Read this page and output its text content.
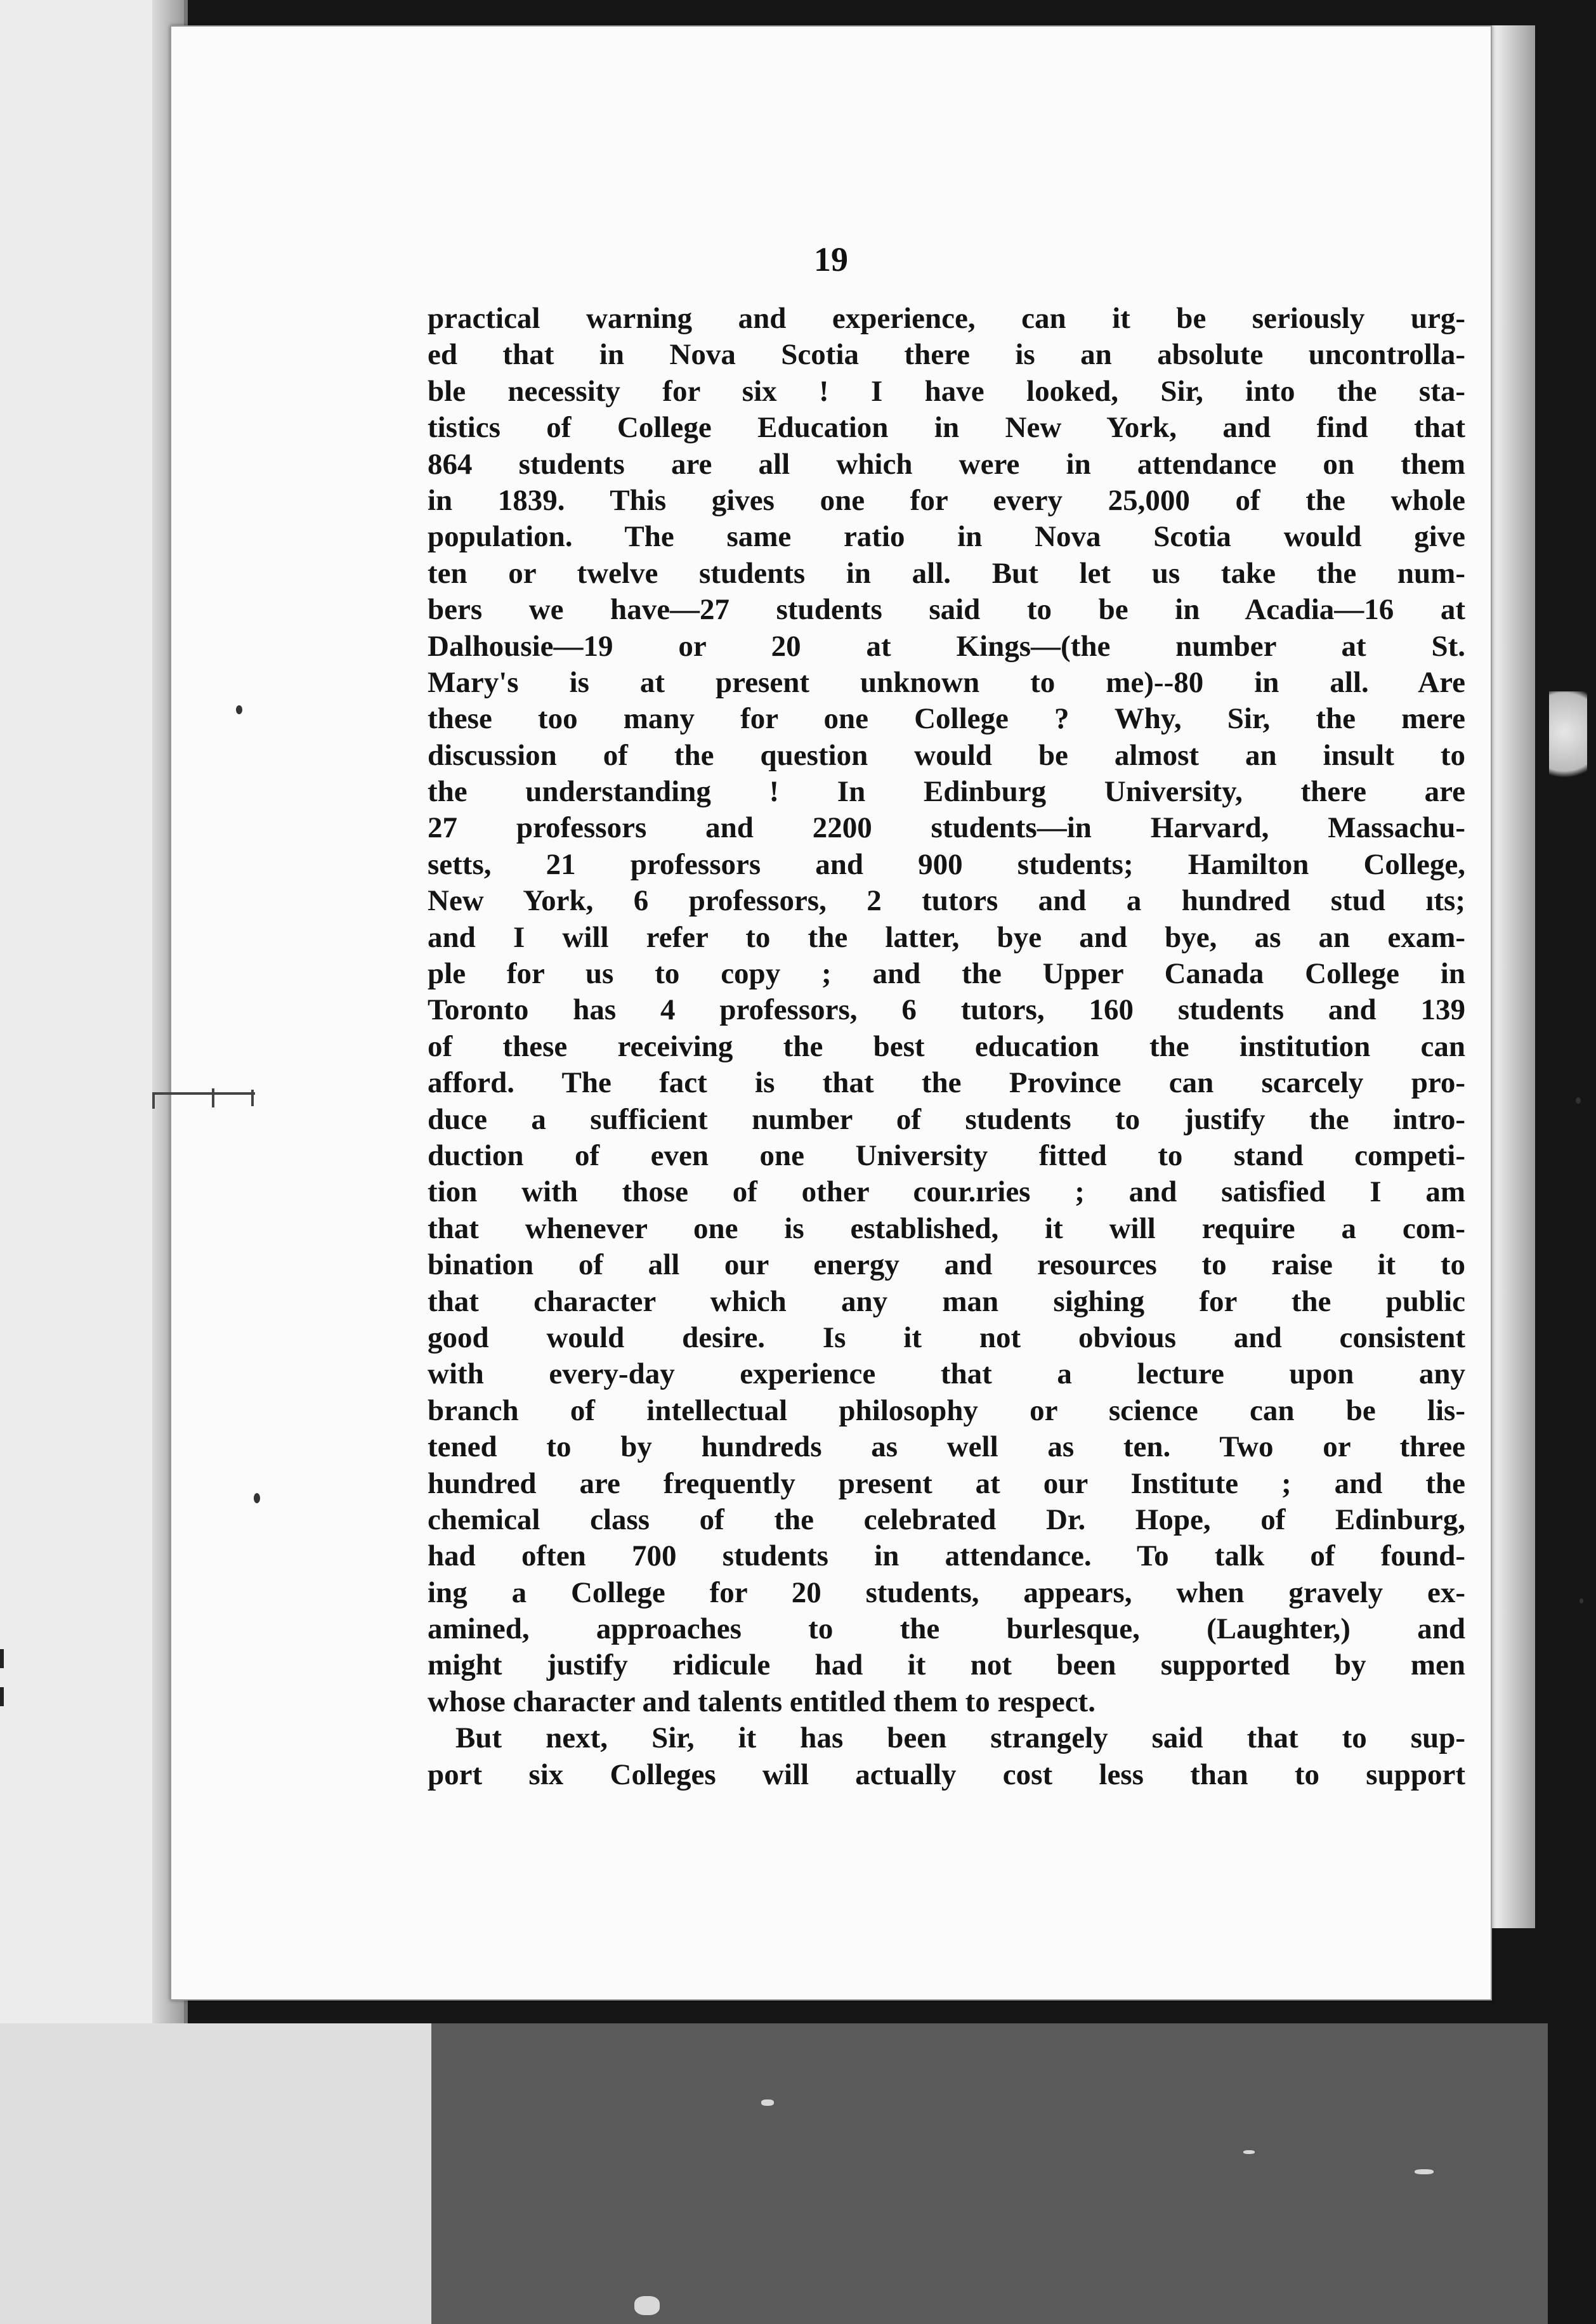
19
practical warning and experience, can it be seriously urg-
ed that in Nova Scotia there is an absolute uncontrolla-
ble necessity for six ! I have looked, Sir, into the sta-
tistics of College Education in New York, and find that
864 students are all which were in attendance on them
in 1839. This gives one for every 25,000 of the whole
population. The same ratio in Nova Scotia would give
ten or twelve students in all. But let us take the num-
bers we have—27 students said to be in Acadia—16 at
Dalhousie—19 or 20 at Kings—(the number at St.
Mary's is at present unknown to me)--80 in all. Are
these too many for one College ? Why, Sir, the mere
discussion of the question would be almost an insult to
the understanding ! In Edinburg University, there are
27 professors and 2200 students—in Harvard, Massachu-
setts, 21 professors and 900 students; Hamilton College,
New York, 6 professors, 2 tutors and a hundred stud ıts;
and I will refer to the latter, bye and bye, as an exam-
ple for us to copy ; and the Upper Canada College in
Toronto has 4 professors, 6 tutors, 160 students and 139
of these receiving the best education the institution can
afford. The fact is that the Province can scarcely pro-
duce a sufficient number of students to justify the intro-
duction of even one University fitted to stand competi-
tion with those of other cour.ıries ; and satisfied I am
that whenever one is established, it will require a com-
bination of all our energy and resources to raise it to
that character which any man sighing for the public
good would desire. Is it not obvious and consistent
with every-day experience that a lecture upon any
branch of intellectual philosophy or science can be lis-
tened to by hundreds as well as ten. Two or three
hundred are frequently present at our Institute ; and the
chemical class of the celebrated Dr. Hope, of Edinburg,
had often 700 students in attendance. To talk of found-
ing a College for 20 students, appears, when gravely ex-
amined, approaches to the burlesque, (Laughter,) and
might justify ridicule had it not been supported by men
whose character and talents entitled them to respect.
But next, Sir, it has been strangely said that to sup-
port six Colleges will actually cost less than to support
